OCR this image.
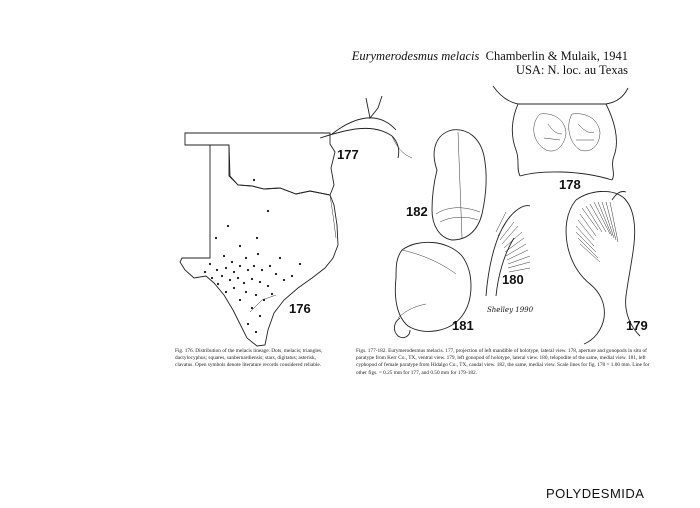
Eurymerodesmus melacis Chamberlin & Mulaik, 1941
USA: N. loc. au Texas
176
177
178
182
181
180
179
Shelley 1990
Fig. 176. Distribution of the melacis lineage. Dots, melacis; triangles, dactylocyphus; squares, sanbernardiensis; stars, digitatus; asterisk, clavatus. Open symbols denote literature records considered reliable.
Figs. 177-182. Eurymerodesmus melacis. 177, projection of left mandible of holotype, lateral view. 178, aperture and gonopods in situ of paratype from Kerr Co., TX, ventral view. 179, left gonopod of holotype, lateral view. 180, telopodite of the same, medial view. 181, left cyphopod of female paratype from Hidalgo Co., TX, caudal view. 182, the same, medial view. Scale lines for fig. 178 = 1.00 mm. Line for other figs. = 0.25 mm for 177, and 0.50 mm for 179-182.
POLYDESMIDA
